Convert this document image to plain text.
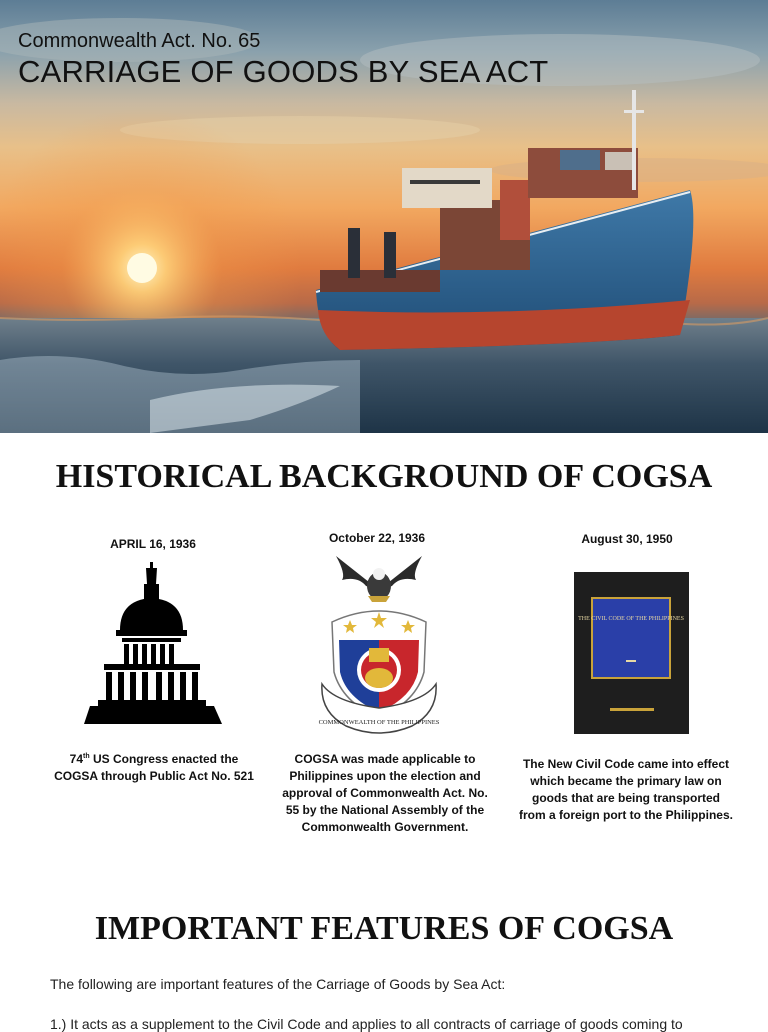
Commonwealth Act. No. 65
CARRIAGE OF GOODS BY SEA ACT
HISTORICAL BACKGROUND OF COGSA
APRIL 16, 1936
74th US Congress enacted the COGSA through Public Act No. 521
October 22, 1936
COMMONWEALTH OF THE PHILIPPINES
COGSA was made applicable to Philippines upon the election and approval of Commonwealth Act. No. 55 by the National Assembly of the Commonwealth Government.
August 30, 1950
THE CIVIL CODE OF THE PHILIPPINES
The New Civil Code came into effect which became the primary law on goods that are being transported from a foreign port to the Philippines.
IMPORTANT FEATURES OF COGSA
The following are important features of the Carriage of Goods by Sea Act:
1.) It acts as a supplement to the Civil Code and applies to all contracts of carriage of goods coming to
